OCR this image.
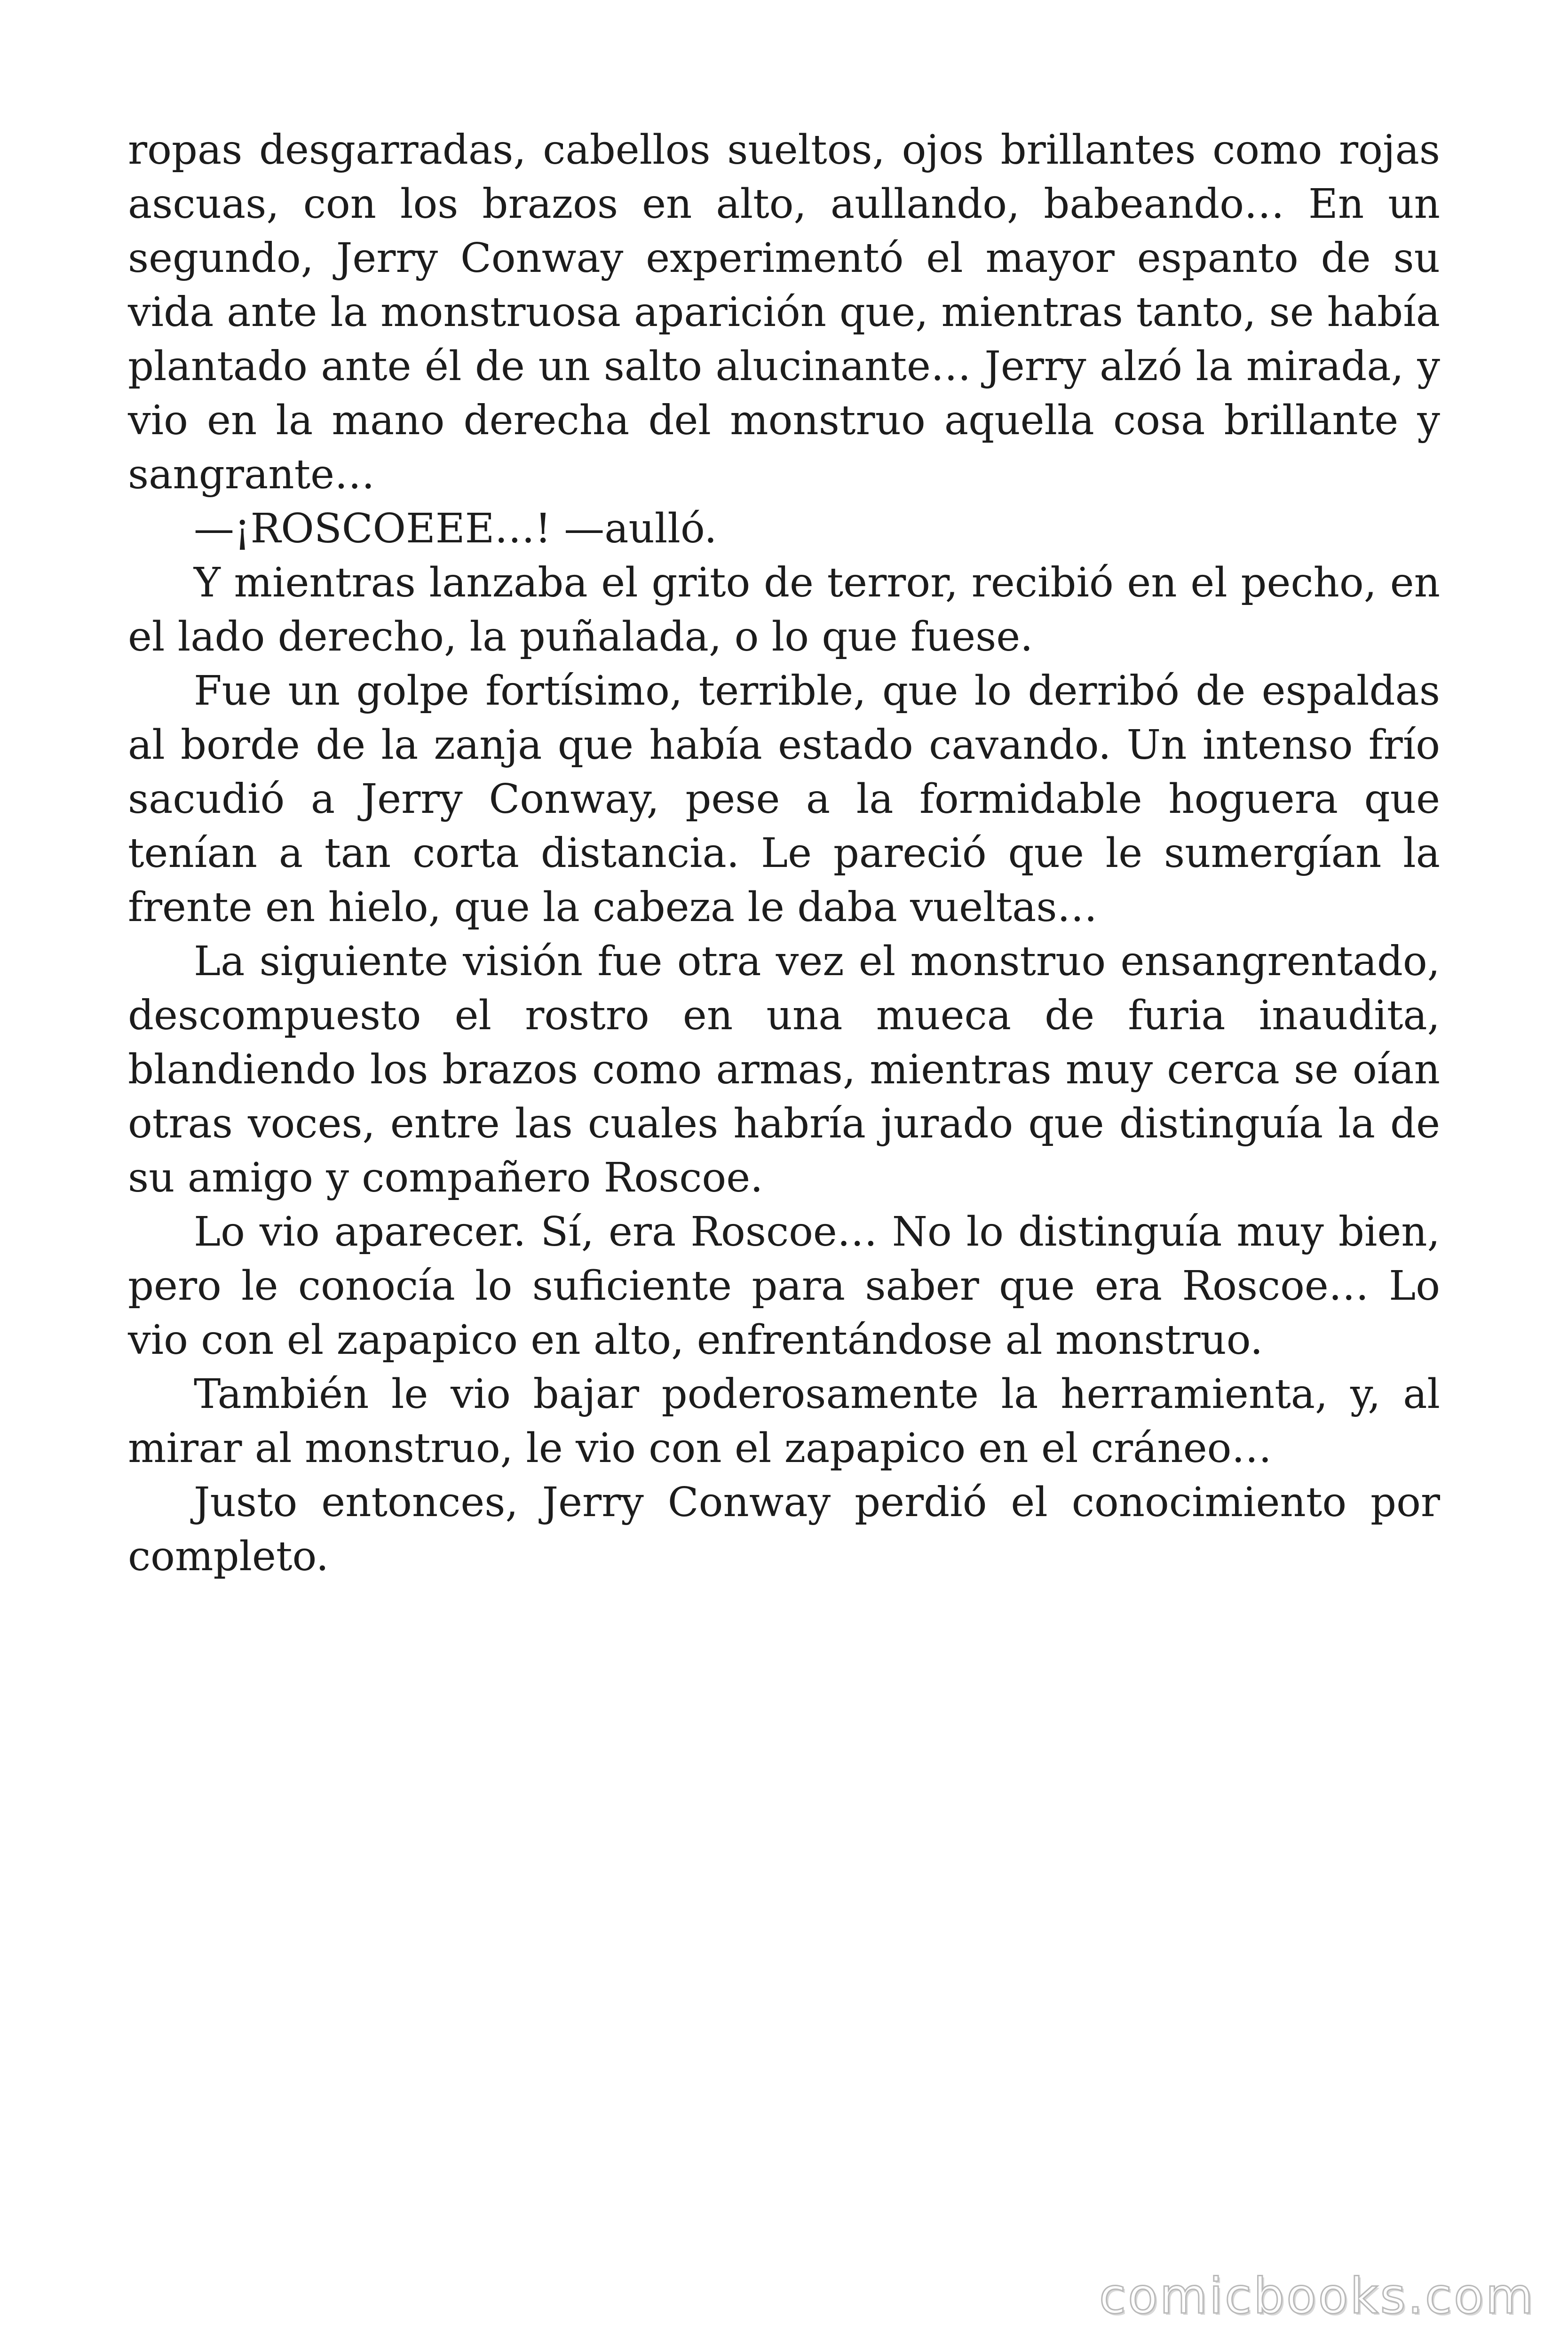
ropas desgarradas, cabellos sueltos, ojos brillantes como rojas ascuas, con los brazos en alto, aullando, babeando… En un segundo, Jerry Conway experimentó el mayor espanto de su vida ante la monstruosa aparición que, mientras tanto, se había plantado ante él de un salto alucinante… Jerry alzó la mirada, y vio en la mano derecha del monstruo aquella cosa brillante y sangrante…

—¡ROSCOEEE…! —aulló.

Y mientras lanzaba el grito de terror, recibió en el pecho, en el lado derecho, la puñalada, o lo que fuese.

Fue un golpe fortísimo, terrible, que lo derribó de espaldas al borde de la zanja que había estado cavando. Un intenso frío sacudió a Jerry Conway, pese a la formidable hoguera que tenían a tan corta distancia. Le pareció que le sumergían la frente en hielo, que la cabeza le daba vueltas…

La siguiente visión fue otra vez el monstruo ensangrentado, descompuesto el rostro en una mueca de furia inaudita, blandiendo los brazos como armas, mientras muy cerca se oían otras voces, entre las cuales habría jurado que distinguía la de su amigo y compañero Roscoe.

Lo vio aparecer. Sí, era Roscoe… No lo distinguía muy bien, pero le conocía lo suficiente para saber que era Roscoe… Lo vio con el zapapico en alto, enfrentándose al monstruo.

También le vio bajar poderosamente la herramienta, y, al mirar al monstruo, le vio con el zapapico en el cráneo…

Justo entonces, Jerry Conway perdió el conocimiento por completo.

comicbooks.com
